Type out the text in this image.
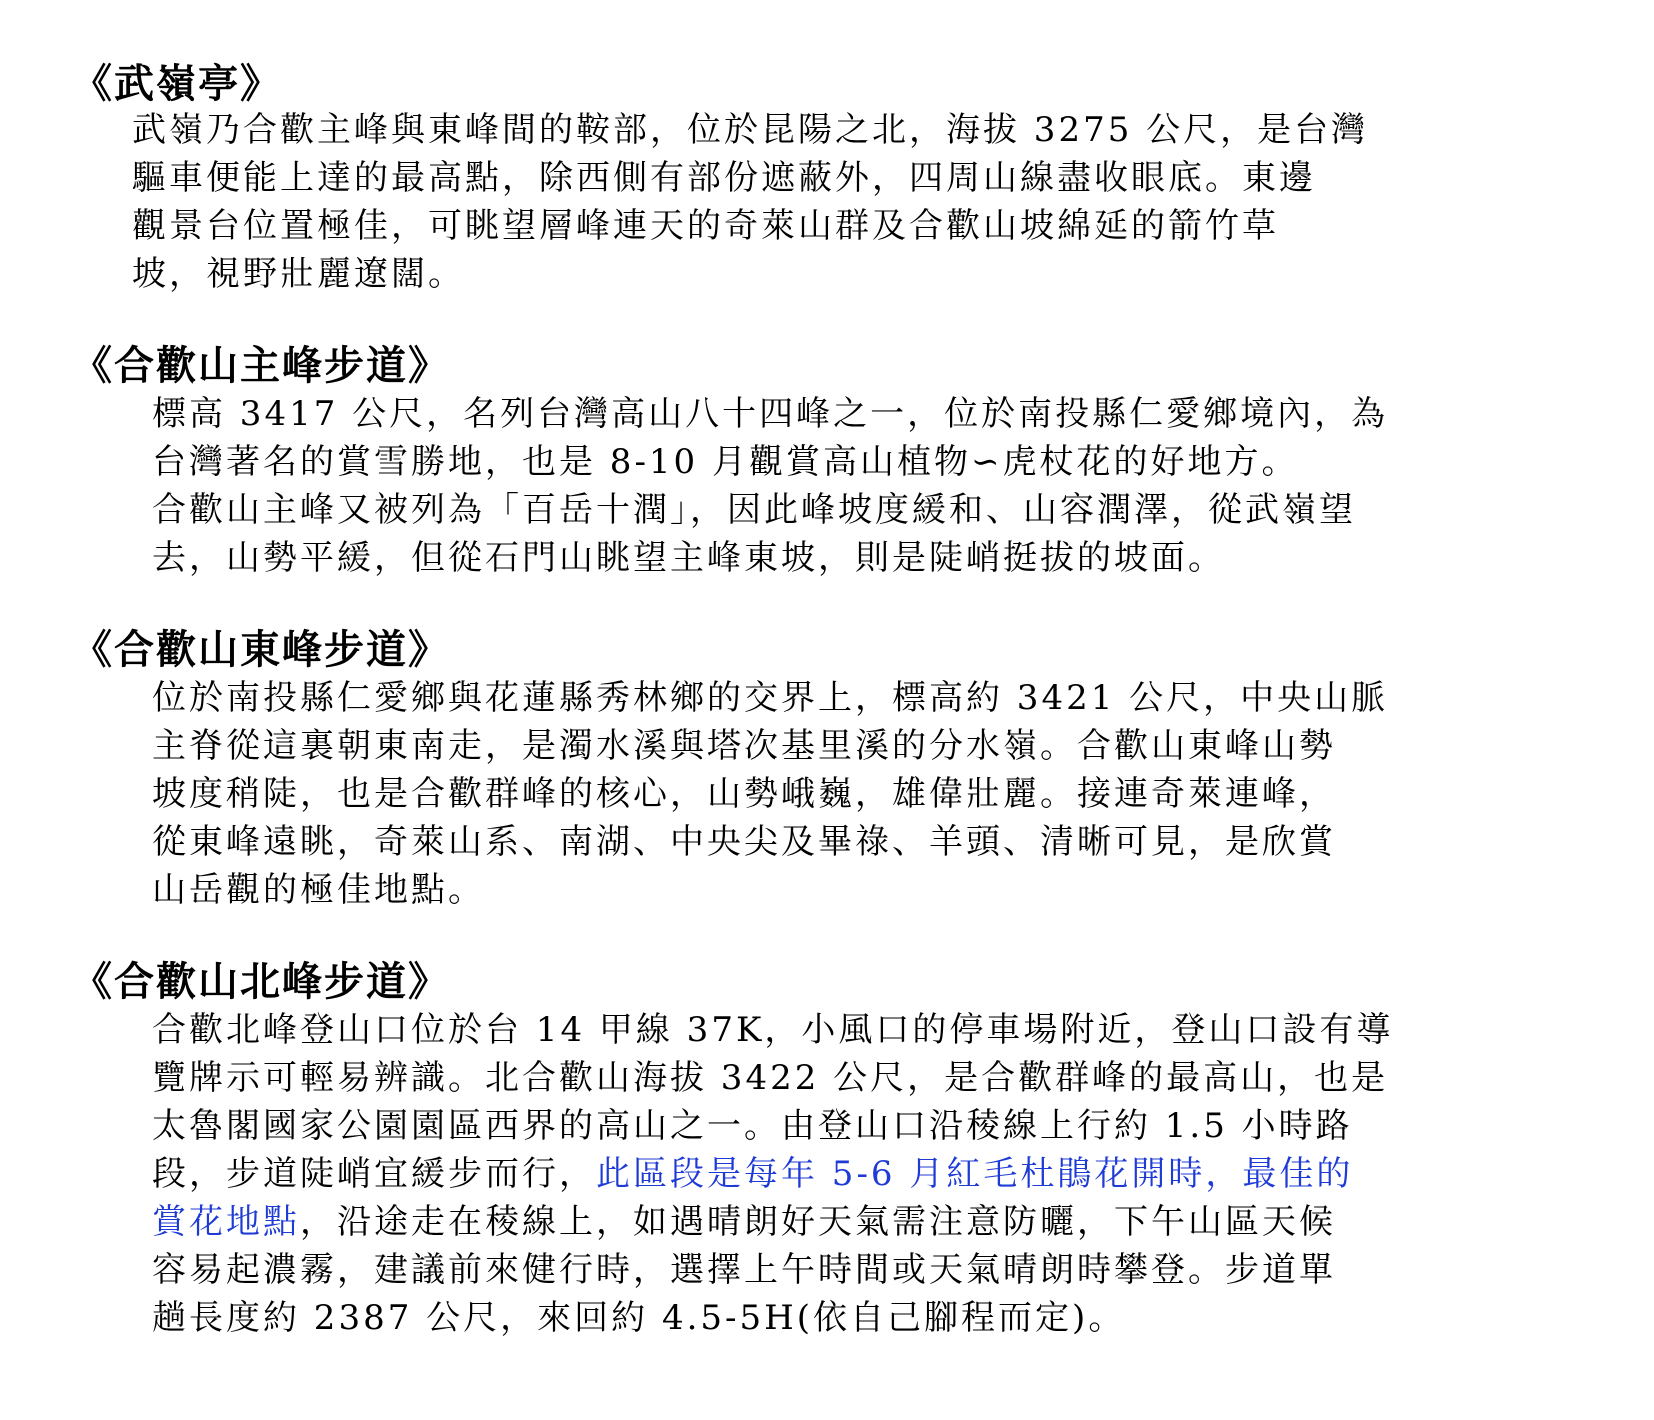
《武嶺亭》
武嶺乃合歡主峰與東峰間的鞍部，位於昆陽之北，海拔 3275 公尺，是台灣
驅車便能上達的最高點，除西側有部份遮蔽外，四周山線盡收眼底。東邊
觀景台位置極佳，可眺望層峰連天的奇萊山群及合歡山坡綿延的箭竹草
坡，視野壯麗遼闊。
《合歡山主峰步道》
標高 3417 公尺，名列台灣高山八十四峰之一，位於南投縣仁愛鄉境內，為
台灣著名的賞雪勝地，也是 8-10 月觀賞高山植物∽虎杖花的好地方。
合歡山主峰又被列為「百岳十潤」，因此峰坡度緩和、山容潤澤，從武嶺望
去，山勢平緩，但從石門山眺望主峰東坡，則是陡峭挺拔的坡面。
《合歡山東峰步道》
位於南投縣仁愛鄉與花蓮縣秀林鄉的交界上，標高約 3421 公尺，中央山脈
主脊從這裏朝東南走，是濁水溪與塔次基里溪的分水嶺。合歡山東峰山勢
坡度稍陡，也是合歡群峰的核心，山勢峨巍，雄偉壯麗。接連奇萊連峰，
從東峰遠眺，奇萊山系、南湖、中央尖及畢祿、羊頭、清晰可見，是欣賞
山岳觀的極佳地點。
《合歡山北峰步道》
合歡北峰登山口位於台 14 甲線 37K，小風口的停車場附近，登山口設有導
覽牌示可輕易辨識。北合歡山海拔 3422 公尺，是合歡群峰的最高山，也是
太魯閣國家公園園區西界的高山之一。由登山口沿稜線上行約 1.5 小時路
段，步道陡峭宜緩步而行，此區段是每年 5-6 月紅毛杜鵑花開時，最佳的
賞花地點，沿途走在稜線上，如遇晴朗好天氣需注意防曬，下午山區天候
容易起濃霧，建議前來健行時，選擇上午時間或天氣晴朗時攀登。步道單
趟長度約 2387 公尺，來回約 4.5-5H(依自己腳程而定)。
